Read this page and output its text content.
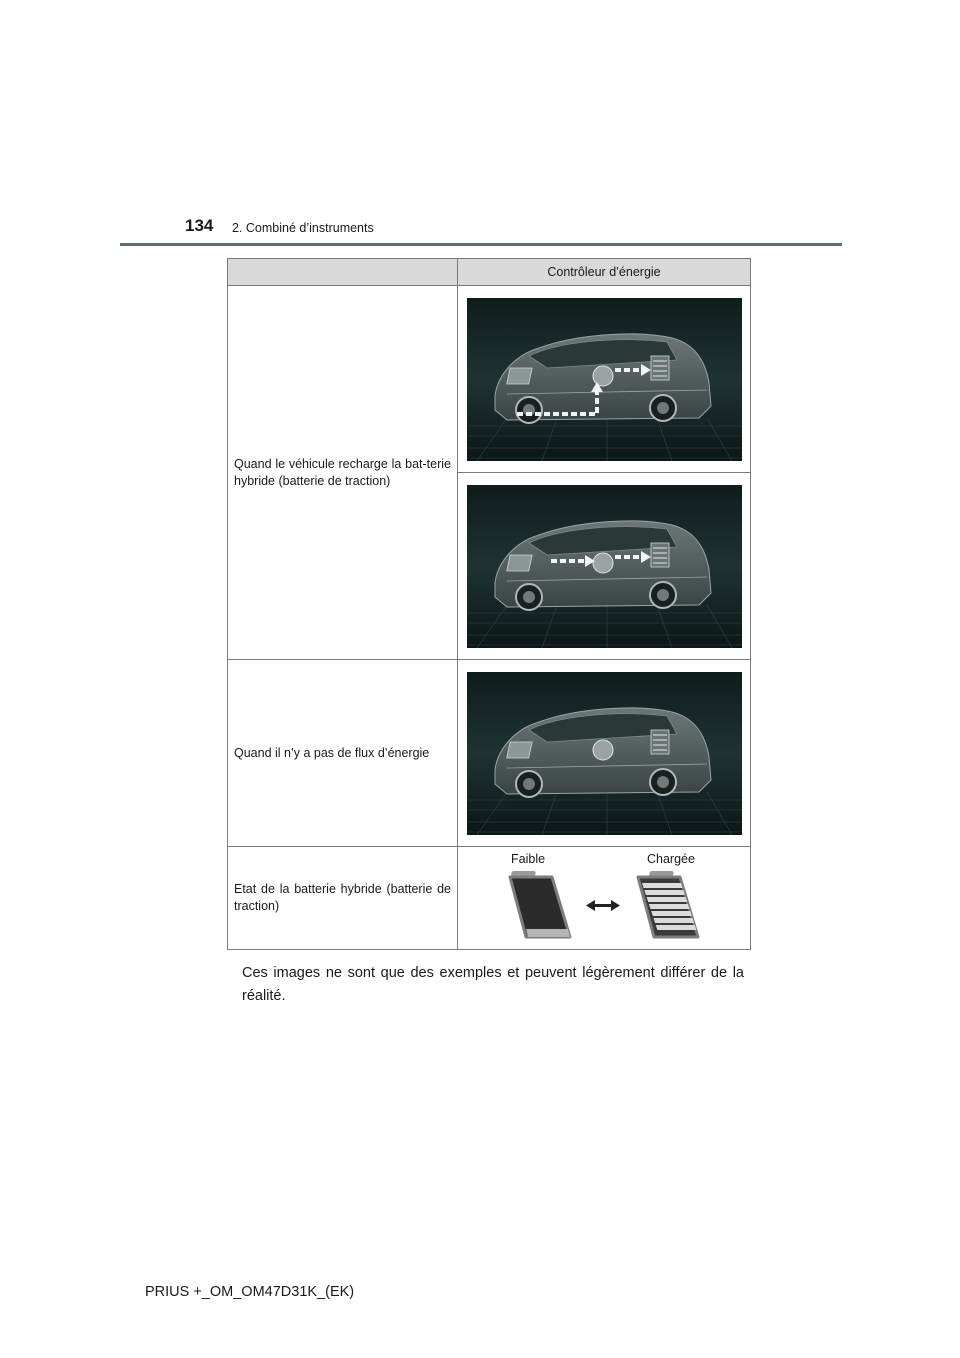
134 2. Combiné d’instruments
	Contrôleur d’énergie
Quand le véhicule recharge la bat-terie hybride (batterie de traction)	

Quand il n’y a pas de flux d’énergie	

Etat de la batterie hybride (batterie de traction)	Faible Chargée
Ces images ne sont que des exemples et peuvent légèrement différer de la réalité.
PRIUS +_OM_OM47D31K_(EK)
